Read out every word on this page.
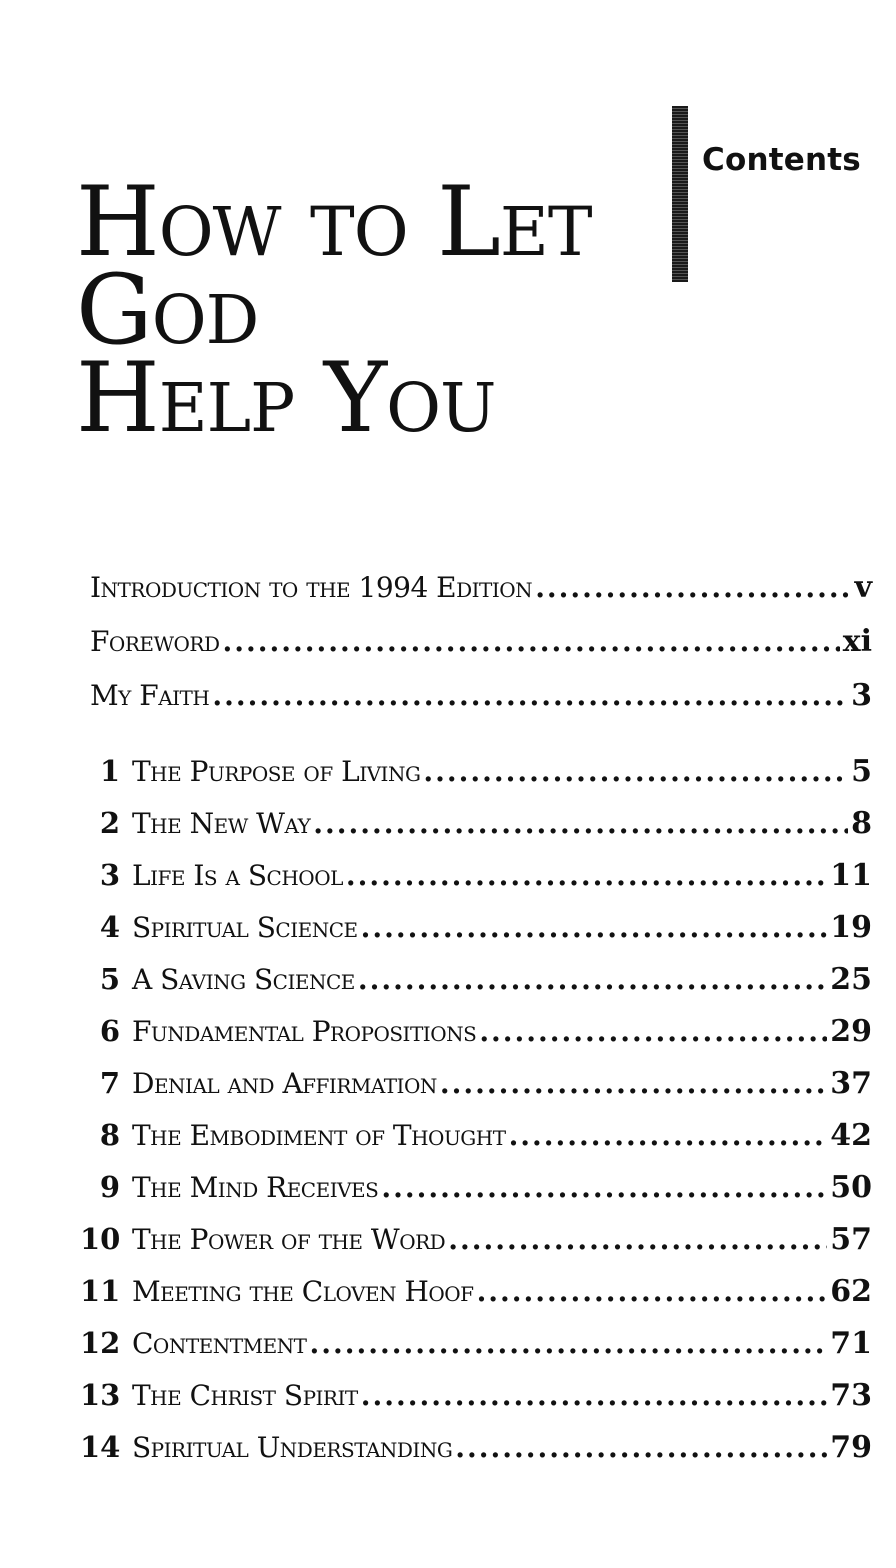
Contents
How to Let
God
Help You
Introduction to the 1994 Edition .....	v
Foreword .....	xi
My Faith .....	3
1 The Purpose of Living .....	5
2 The New Way .....	8
3 Life Is a School .....	11
4 Spiritual Science .....	19
5 A Saving Science .....	25
6 Fundamental Propositions .....	29
7 Denial and Affirmation .....	37
8 The Embodiment of Thought .....	42
9 The Mind Receives .....	50
10 The Power of the Word .....	57
11 Meeting the Cloven Hoof .....	62
12 Contentment .....	71
13 The Christ Spirit .....	73
14 Spiritual Understanding .....	79
